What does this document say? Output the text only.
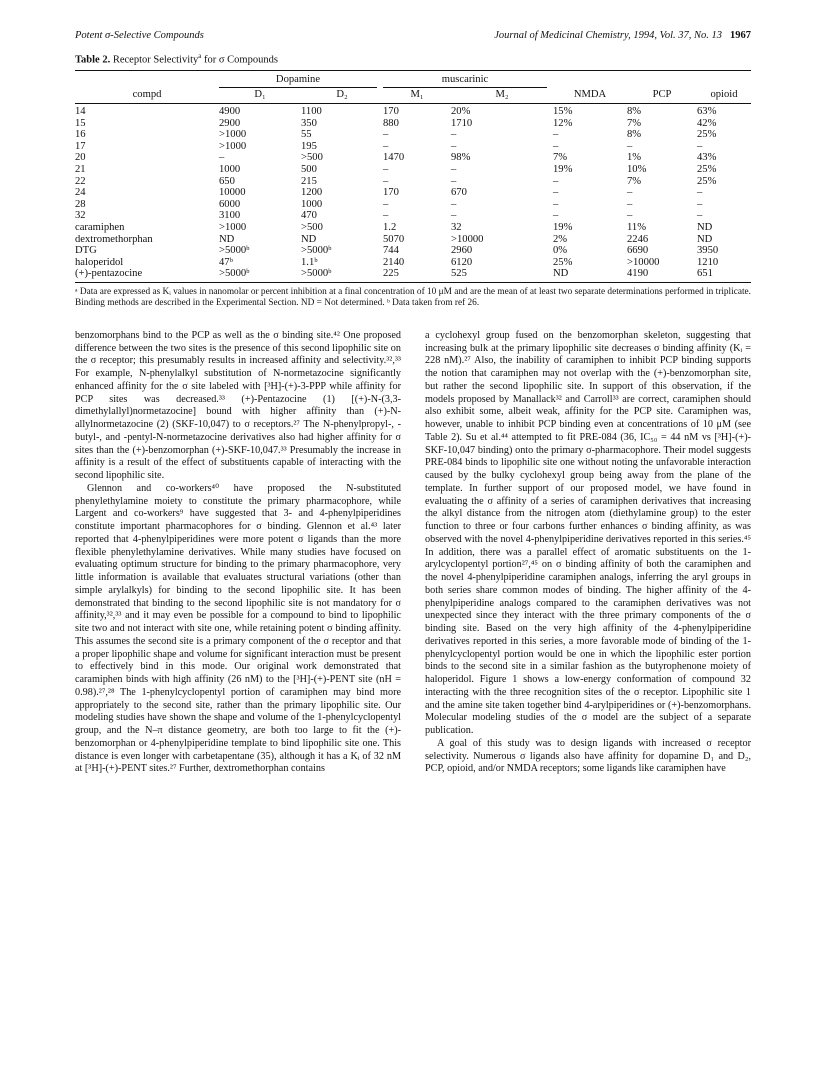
Potent σ-Selective Compounds	Journal of Medicinal Chemistry, 1994, Vol. 37, No. 13 1967
Table 2. Receptor Selectivity$^a$ for σ Compounds

	Dopamine		muscarinic				

compd	D₁	D₂	M₁	M₂	NMDA	PCP	opioid
14	4900	1100	170	20%	15%	8%	63%
15	2900	350	880	1710	12%	7%	42%
16	>1000	55	–	–	–	8%	25%
17	>1000	195	–	–	–	–	–
20	–	>500	1470	98%	7%	1%	43%
21	1000	500	–	–	19%	10%	25%
22	650	215	–	–	–	7%	25%
24	10000	1200	170	670	–	–	–
28	6000	1000	–	–	–	–	–
32	3100	470	–	–	–	–	–
caramiphen	>1000	>500	1.2	32	19%	11%	ND
dextromethorphan	ND	ND	5070	>10000	2%	2246	ND
DTG	>5000ᵇ	>5000ᵇ	744	2960	0%	6690	3950
haloperidol	47ᵇ	1.1ᵇ	2140	6120	25%	>10000	1210
(+)-pentazocine	>5000ᵇ	>5000ᵇ	225	525	ND	4190	651
ᵃ Data are expressed as Kᵢ values in nanomolar or percent inhibition at a final concentration of 10 μM and are the mean of at least two separate determinations performed in triplicate. Binding methods are described in the Experimental Section. ND = Not determined. ᵇ Data taken from ref 26.

benzomorphans bind to the PCP as well as the σ binding site.⁴² One proposed difference between the two sites is the presence of this second lipophilic site on the σ receptor; this presumably results in increased affinity and selectivity.³²,³³ For example, N-phenylalkyl substitution of N-normetazocine significantly enhanced affinity for the σ site labeled with [³H]-(+)-3-PPP while affinity for PCP sites was decreased.³³ (+)-Pentazocine (1) [(+)-N-(3,3-dimethylallyl)normetazocine] bound with higher affinity than (+)-N-allylnormetazocine (2) (SKF-10,047) to σ receptors.²⁷ The N-phenylpropyl-, -butyl-, and -pentyl-N-normetazocine derivatives also had higher affinity for σ sites than the (+)-benzomorphan (+)-SKF-10,047.³³ Presumably the increase in affinity is a result of the effect of substituents capable of interacting with the second lipophilic site.

Glennon and co-workers⁴⁰ have proposed the N-substituted phenylethylamine moiety to constitute the primary pharmacophore, while Largent and co-workers⁹ have suggested that 3- and 4-phenylpiperidines constitute important pharmacophores for σ binding. Glennon et al.⁴³ later reported that 4-phenylpiperidines were more potent σ ligands than the more flexible phenylethylamine derivatives. While many studies have focused on evaluating optimum structure for binding to the primary pharmacophore, very little information is available that evaluates structural variations (other than simple arylalkyls) for binding to the second lipophilic site. It has been demonstrated that binding to the second lipophilic site is not mandatory for σ affinity,³²,³³ and it may even be possible for a compound to bind to lipophilic site two and not interact with site one, while retaining potent σ binding affinity. This assumes the second site is a primary component of the σ receptor and that a proper lipophilic shape and volume for significant interaction must be present to effectively bind in this mode. Our original work demonstrated that caramiphen binds with high affinity (26 nM) to the [³H]-(+)-PENT site (nH = 0.98).²⁷,²⁸ The 1-phenylcyclopentyl portion of caramiphen may bind more appropriately to the second site, rather than the primary lipophilic site. Our modeling studies have shown the shape and volume of the 1-phenylcyclopentyl group, and the N–π distance geometry, are both too large to fit the (+)-benzomorphan or 4-phenylpiperidine template to bind lipophilic site one. This distance is even longer with carbetapentane (35), although it has a Kᵢ of 32 nM at [³H]-(+)-PENT sites.²⁷ Further, dextromethorphan contains

a cyclohexyl group fused on the benzomorphan skeleton, suggesting that increasing bulk at the primary lipophilic site decreases σ binding affinity (Kᵢ = 228 nM).²⁷ Also, the inability of caramiphen to inhibit PCP binding supports the notion that caramiphen may not overlap with the (+)-benzomorphan site, but rather the second lipophilic site. In support of this observation, if the models proposed by Manallack³² and Carroll³³ are correct, caramiphen should also exhibit some, albeit weak, affinity for the PCP site. Caramiphen was, however, unable to inhibit PCP binding even at concentrations of 10 μM (see Table 2). Su et al.⁴⁴ attempted to fit PRE-084 (36, IC₅₀ = 44 nM vs [³H]-(+)-SKF-10,047 binding) onto the primary σ-pharmacophore. Their model suggests PRE-084 binds to lipophilic site one without noting the unfavorable interaction caused by the bulky cyclohexyl group being away from the plane of the template. In further support of our proposed model, we have found in evaluating the σ affinity of a series of caramiphen derivatives that increasing the alkyl distance from the nitrogen atom (diethylamine group) to the ester function to three or four carbons further enhances σ binding affinity, as was observed with the novel 4-phenylpiperidine derivatives reported in this series.⁴⁵ In addition, there was a parallel effect of aromatic substituents on the 1-arylcyclopentyl portion²⁷,⁴⁵ on σ binding affinity of both the caramiphen and the novel 4-phenylpiperidine caramiphen analogs, inferring the aryl groups in both series share common modes of binding. The higher affinity of the 4-phenylpiperidine analogs compared to the caramiphen derivatives was not unexpected since they interact with the three primary components of the σ binding site. Based on the very high affinity of the 4-phenylpiperidine derivatives reported in this series, a more favorable mode of binding of the 1-phenylcyclopentyl portion would be one in which the lipophilic ester portion binds to the second site in a similar fashion as the butyrophenone moiety of haloperidol. Figure 1 shows a low-energy conformation of compound 32 interacting with the three recognition sites of the σ receptor. Lipophilic site 1 and the amine site taken together bind 4-arylpiperidines or (+)-benzomorphans. Molecular modeling studies of the σ model are the subject of a separate publication.

A goal of this study was to design ligands with increased σ receptor selectivity. Numerous σ ligands also have affinity for dopamine D₁ and D₂, PCP, opioid, and/or NMDA receptors; some ligands like caramiphen have
